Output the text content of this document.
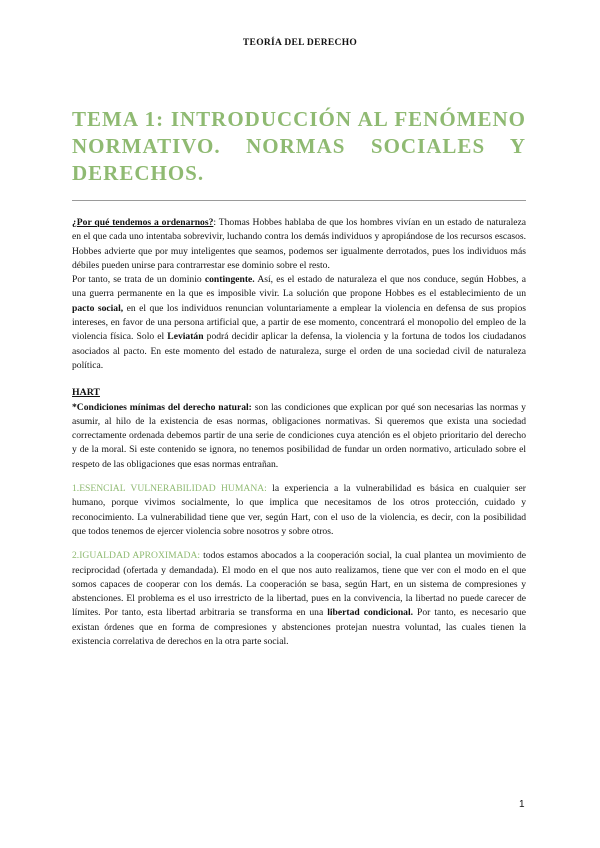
TEORÍA DEL DERECHO
TEMA 1: INTRODUCCIÓN AL FENÓMENO NORMATIVO. NORMAS SOCIALES Y DERECHOS.

¿Por qué tendemos a ordenarnos?: Thomas Hobbes hablaba de que los hombres vivían en un estado de naturaleza en el que cada uno intentaba sobrevivir, luchando contra los demás individuos y apropiándose de los recursos escasos. Hobbes advierte que por muy inteligentes que seamos, podemos ser igualmente derrotados, pues los individuos más débiles pueden unirse para contrarrestar ese dominio sobre el resto.

Por tanto, se trata de un dominio contingente. Así, es el estado de naturaleza el que nos conduce, según Hobbes, a una guerra permanente en la que es imposible vivir. La solución que propone Hobbes es el establecimiento de un pacto social, en el que los individuos renuncian voluntariamente a emplear la violencia en defensa de sus propios intereses, en favor de una persona artificial que, a partir de ese momento, concentrará el monopolio del empleo de la violencia física. Solo el Leviatán podrá decidir aplicar la defensa, la violencia y la fortuna de todos los ciudadanos asociados al pacto. En este momento del estado de naturaleza, surge el orden de una sociedad civil de naturaleza política.

HART

*Condiciones mínimas del derecho natural: son las condiciones que explican por qué son necesarias las normas y asumir, al hilo de la existencia de esas normas, obligaciones normativas. Si queremos que exista una sociedad correctamente ordenada debemos partir de una serie de condiciones cuya atención es el objeto prioritario del derecho y de la moral. Si este contenido se ignora, no tenemos posibilidad de fundar un orden normativo, articulado sobre el respeto de las obligaciones que esas normas entrañan.

1.ESENCIAL VULNERABILIDAD HUMANA: la experiencia a la vulnerabilidad es básica en cualquier ser humano, porque vivimos socialmente, lo que implica que necesitamos de los otros protección, cuidado y reconocimiento. La vulnerabilidad tiene que ver, según Hart, con el uso de la violencia, es decir, con la posibilidad que todos tenemos de ejercer violencia sobre nosotros y sobre otros.

2.IGUALDAD APROXIMADA: todos estamos abocados a la cooperación social, la cual plantea un movimiento de reciprocidad (ofertada y demandada). El modo en el que nos auto realizamos, tiene que ver con el modo en el que somos capaces de cooperar con los demás. La cooperación se basa, según Hart, en un sistema de compresiones y abstenciones. El problema es el uso irrestricto de la libertad, pues en la convivencia, la libertad no puede carecer de límites. Por tanto, esta libertad arbitraria se transforma en una libertad condicional. Por tanto, es necesario que existan órdenes que en forma de compresiones y abstenciones protejan nuestra voluntad, las cuales tienen la existencia correlativa de derechos en la otra parte social.

1
